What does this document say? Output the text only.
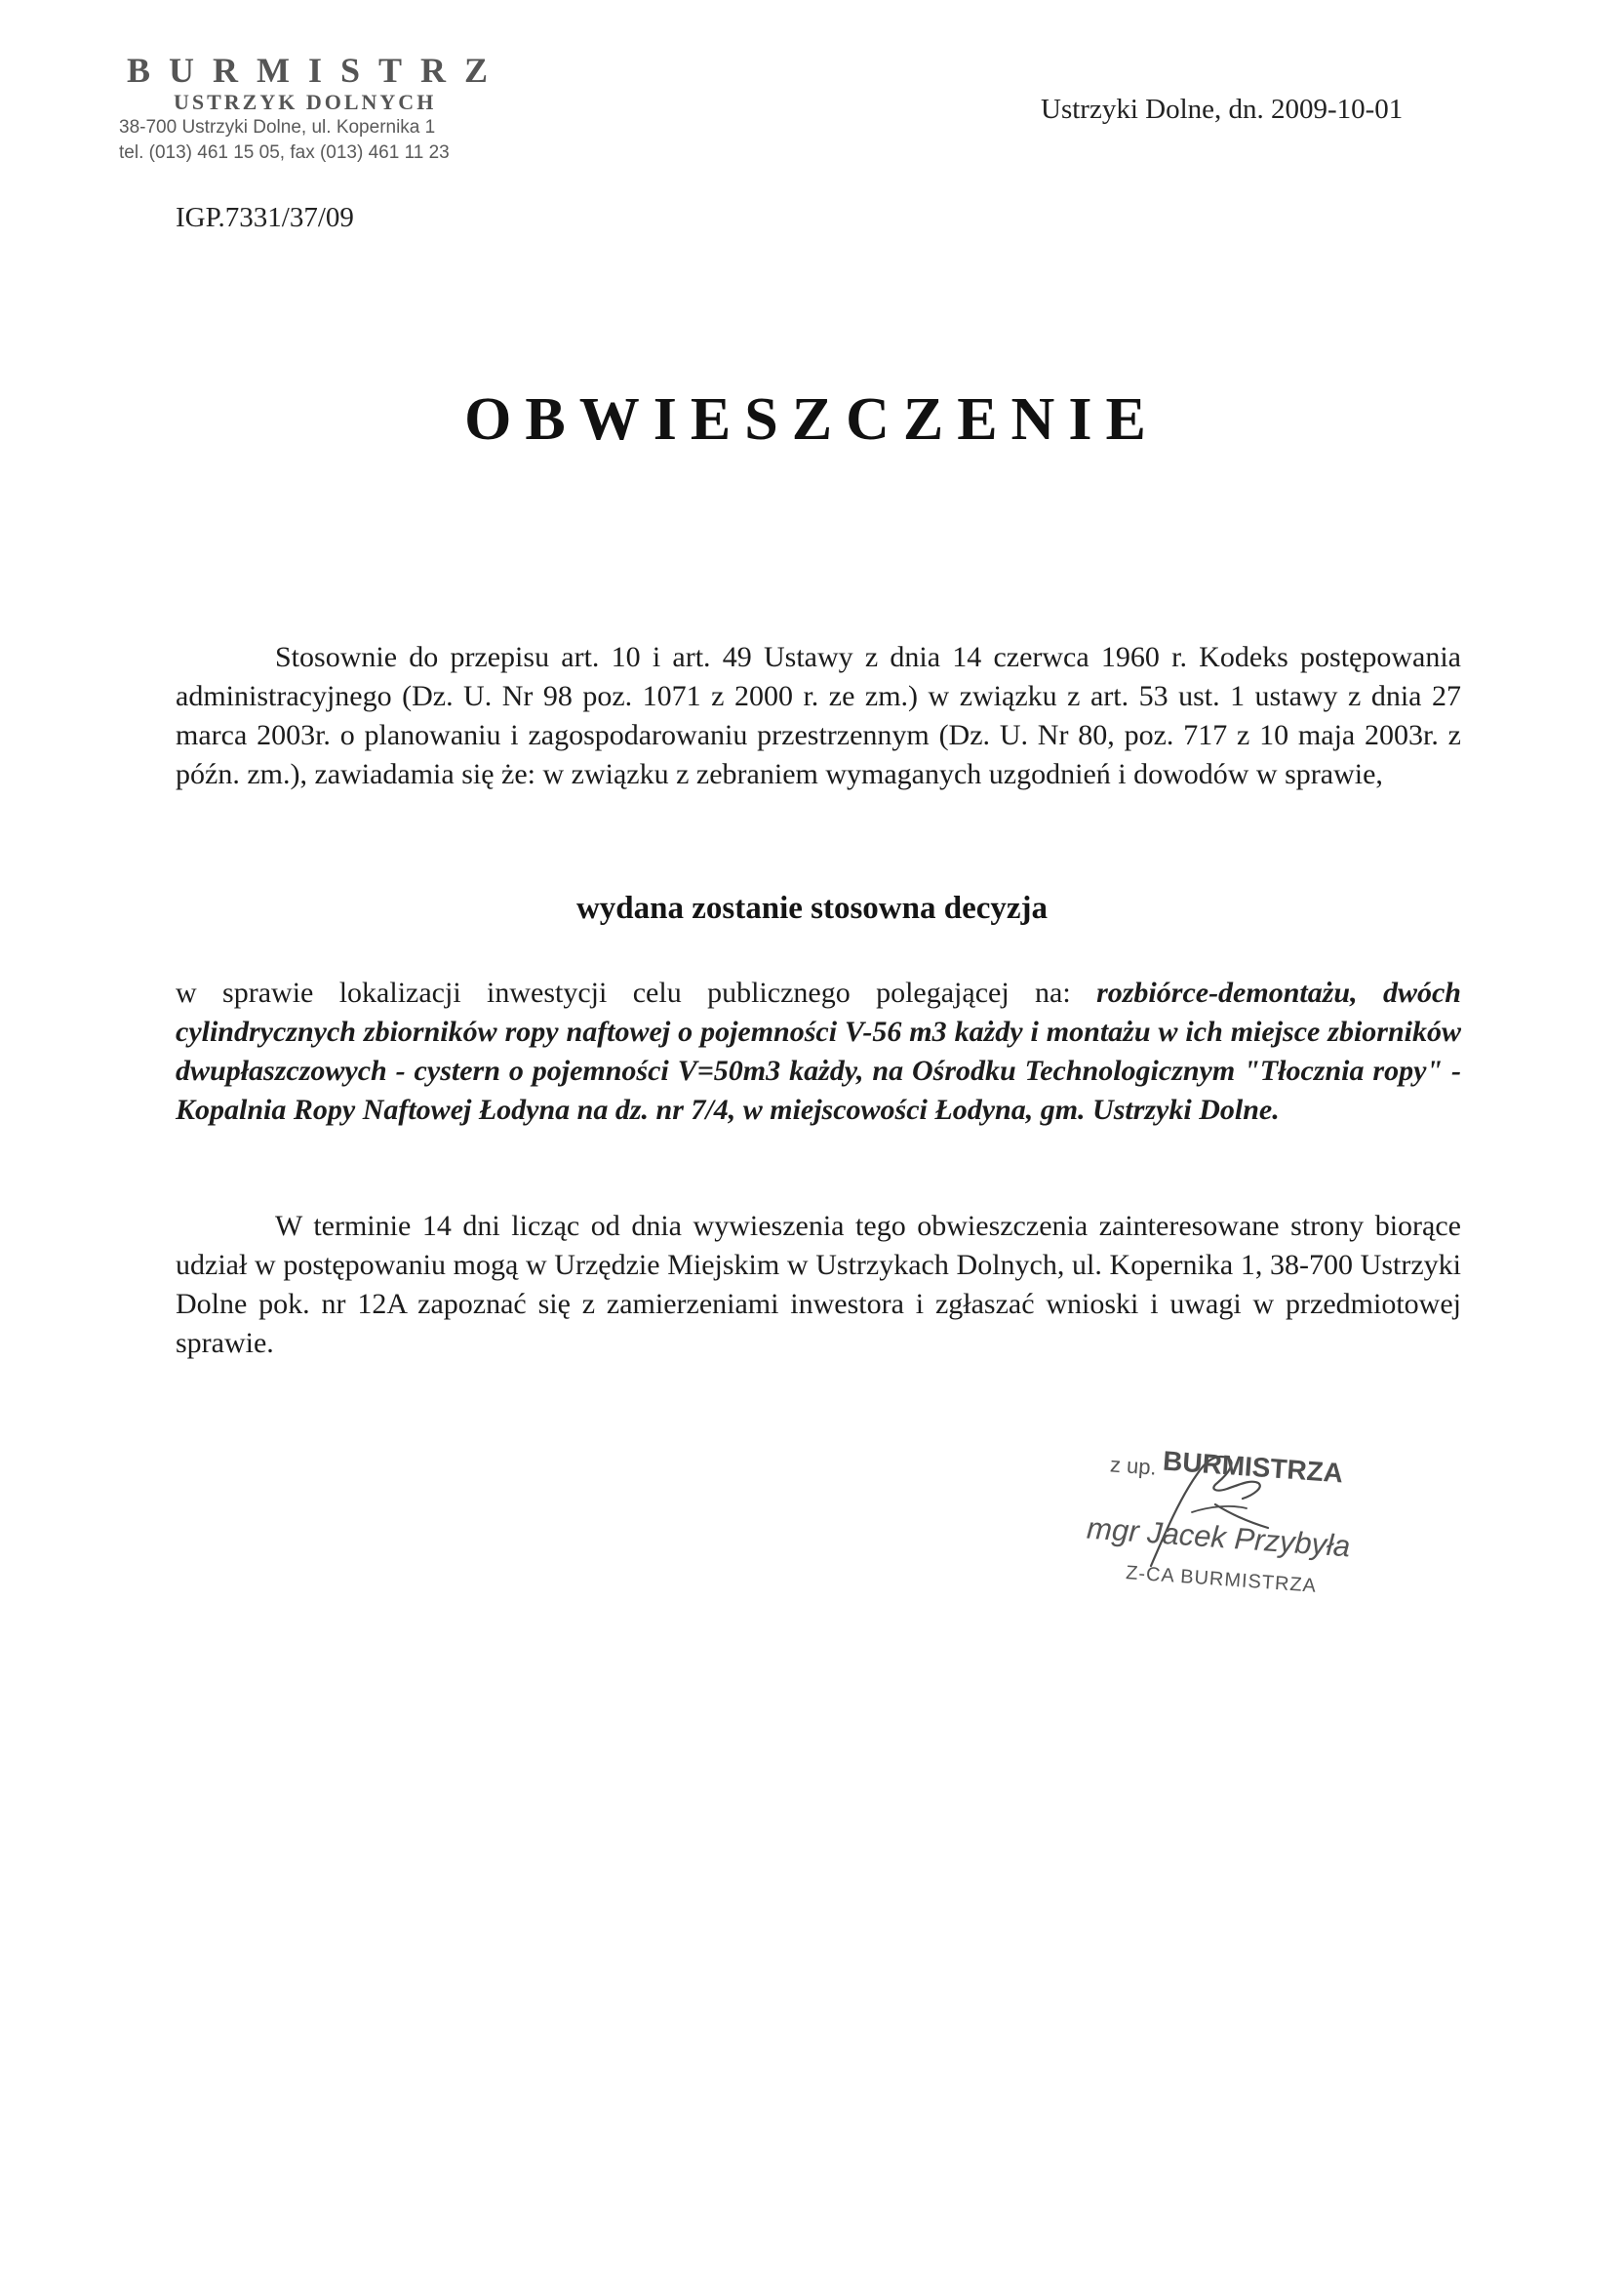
BURMISTRZ
USTRZYK DOLNYCH
38-700 Ustrzyki Dolne, ul. Kopernika 1
tel. (013) 461 15 05, fax (013) 461 11 23
Ustrzyki Dolne, dn. 2009-10-01
IGP.7331/37/09
OBWIESZCZENIE
Stosownie do przepisu art. 10 i art. 49 Ustawy z dnia 14 czerwca 1960 r. Kodeks postępowania administracyjnego (Dz. U. Nr 98 poz. 1071 z 2000 r. ze zm.) w związku z art. 53 ust. 1 ustawy z dnia 27 marca 2003r. o planowaniu i zagospodarowaniu przestrzennym (Dz. U. Nr 80, poz. 717 z 10 maja 2003r. z późn. zm.), zawiadamia się że: w związku z zebraniem wymaganych uzgodnień i dowodów w sprawie,
wydana zostanie stosowna decyzja
w sprawie lokalizacji inwestycji celu publicznego polegającej na: rozbiórce-demontażu, dwóch cylindrycznych zbiorników ropy naftowej o pojemności V-56 m3 każdy i montażu w ich miejsce zbiorników dwupłaszczowych - cystern o pojemności V=50m3 każdy, na Ośrodku Technologicznym "Tłocznia ropy" - Kopalnia Ropy Naftowej Łodyna na dz. nr 7/4, w miejscowości Łodyna, gm. Ustrzyki Dolne.
W terminie 14 dni licząc od dnia wywieszenia tego obwieszczenia zainteresowane strony biorące udział w postępowaniu mogą w Urzędzie Miejskim w Ustrzykach Dolnych, ul. Kopernika 1, 38-700 Ustrzyki Dolne pok. nr 12A zapoznać się z zamierzeniami inwestora i zgłaszać wnioski i uwagi w przedmiotowej sprawie.
z up. BURMISTRZA
mgr Jacek Przybyła
Z-CA BURMISTRZA
